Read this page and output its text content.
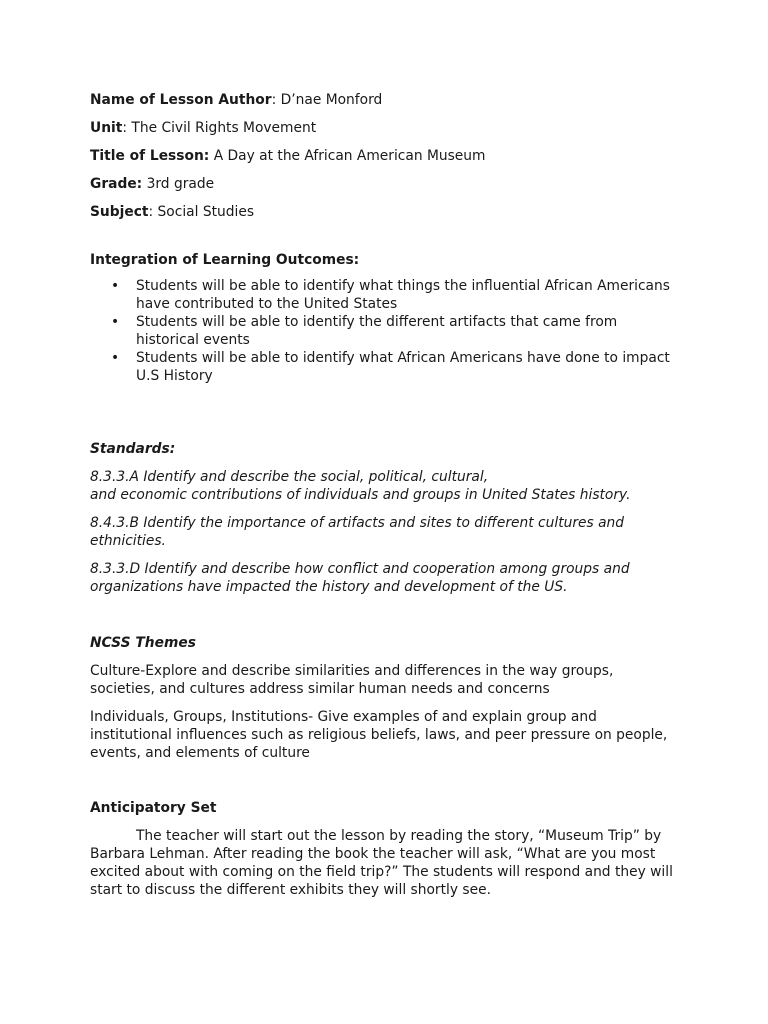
Name of Lesson Author: D’nae Monford

Unit: The Civil Rights Movement

Title of Lesson: A Day at the African American Museum

Grade: 3rd grade

Subject: Social Studies

Integration of Learning Outcomes:

• Students will be able to identify what things the influential African Americans
have contributed to the United States
• Students will be able to identify the different artifacts that came from
historical events
• Students will be able to identify what African Americans have done to impact
U.S History

Standards:

8.3.3.A Identify and describe the social, political, cultural,
and economic contributions of individuals and groups in United States history.

8.4.3.B Identify the importance of artifacts and sites to different cultures and
ethnicities.

8.3.3.D Identify and describe how conflict and cooperation among groups and
organizations have impacted the history and development of the US.

NCSS Themes

Culture-Explore and describe similarities and differences in the way groups,
societies, and cultures address similar human needs and concerns

Individuals, Groups, Institutions- Give examples of and explain group and
institutional influences such as religious beliefs, laws, and peer pressure on people,
events, and elements of culture

Anticipatory Set

The teacher will start out the lesson by reading the story, “Museum Trip” by
Barbara Lehman. After reading the book the teacher will ask, “What are you most
excited about with coming on the field trip?” The students will respond and they will
start to discuss the different exhibits they will shortly see.
